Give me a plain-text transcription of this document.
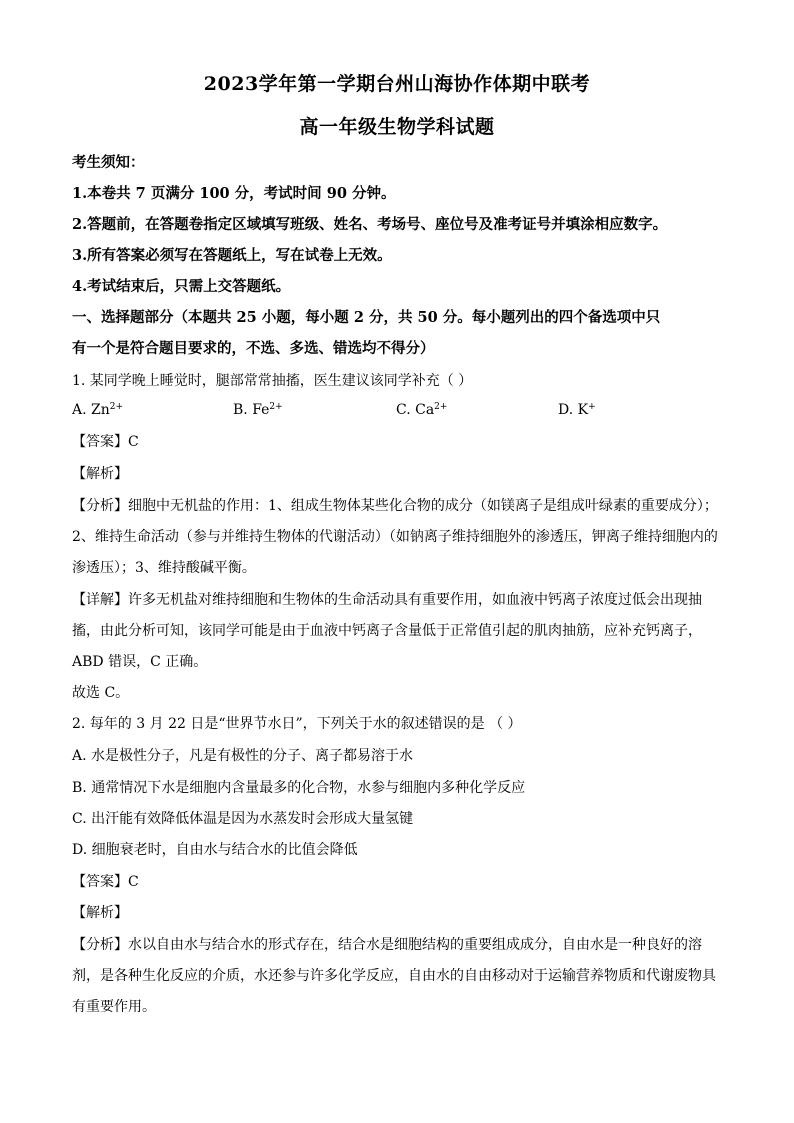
2023学年第一学期台州山海协作体期中联考
高一年级生物学科试题
考生须知：
1.本卷共 7 页满分 100 分，考试时间 90 分钟。
2.答题前，在答题卷指定区域填写班级、姓名、考场号、座位号及准考证号并填涂相应数字。
3.所有答案必须写在答题纸上，写在试卷上无效。
4.考试结束后，只需上交答题纸。
一、选择题部分（本题共 25 小题，每小题 2 分，共 50 分。每小题列出的四个备选项中只
有一个是符合题目要求的，不选、多选、错选均不得分）
1. 某同学晚上睡觉时，腿部常常抽搐，医生建议该同学补充（ ）
A. $Zn^{2+}$	B. $Fe^{2+}$	C. $Ca^{2+}$	D. K+
【答案】C
【解析】
【分析】细胞中无机盐的作用：1、组成生物体某些化合物的成分（如镁离子是组成叶绿素的重要成分）；
2、维持生命活动（参与并维持生物体的代谢活动）（如钠离子维持细胞外的渗透压，钾离子维持细胞内的
渗透压）；3、维持酸碱平衡。
【详解】许多无机盐对维持细胞和生物体的生命活动具有重要作用，如血液中钙离子浓度过低会出现抽
搐，由此分析可知，该同学可能是由于血液中钙离子含量低于正常值引起的肌肉抽筋，应补充钙离子，
ABD 错误，C 正确。
故选 C。
2. 每年的 3 月 22 日是“世界节水日”，下列关于水的叙述错误的是 （ ）
A. 水是极性分子，凡是有极性的分子、离子都易溶于水
B. 通常情况下水是细胞内含量最多的化合物，水参与细胞内多种化学反应
C. 出汗能有效降低体温是因为水蒸发时会形成大量氢键
D. 细胞衰老时，自由水与结合水的比值会降低
【答案】C
【解析】
【分析】水以自由水与结合水的形式存在，结合水是细胞结构的重要组成成分，自由水是一种良好的溶
剂，是各种生化反应的介质，水还参与许多化学反应，自由水的自由移动对于运输营养物质和代谢废物具
有重要作用。
